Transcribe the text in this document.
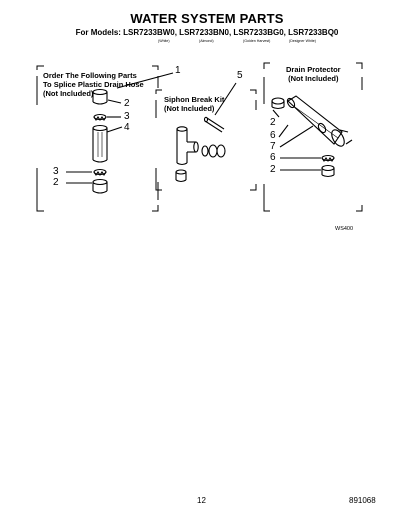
WATER SYSTEM PARTS
For Models: LSR7233BW0, LSR7233BN0, LSR7233BG0, LSR7233BQ0
(White)	(Almond)	(Golden Harvest)	(Designer White)
Order The Following Parts
To Splice Plastic Drain Hose
(Not Included)
Siphon Break Kit
(Not Included)
Drain Protector
(Not Included)
1
2
3
4
3
2
5
2
6
7
6
2
WS400
12	891068
